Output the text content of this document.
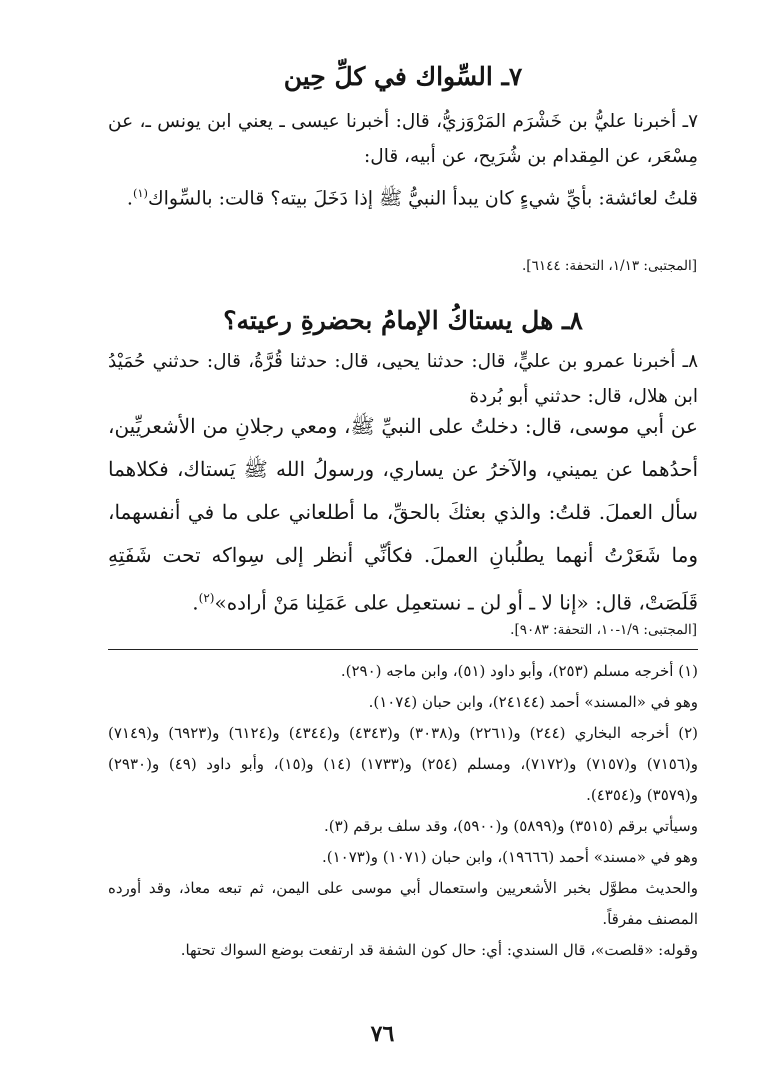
٧ـ السِّواك في كلِّ حِين

٧ـ أخبرنا عليُّ بن خَشْرَم المَرْوَزيُّ، قال: أخبرنا عيسى ـ يعني ابن يونس ـ، عن مِسْعَر، عن المِقدام بن شُرَيح، عن أبيه، قال:

قلتُ لعائشة: بأيِّ شيءٍ كان يبدأ النبيُّ ﷺ إذا دَخَلَ بيته؟ قالت: بالسِّواك$^{(١)}$.

[المجتبى: ١/١٣، التحفة: ٦١٤٤].
٨ـ هل يستاكُ الإمامُ بحضرةِ رعيته؟

٨ـ أخبرنا عمرو بن عليٍّ، قال: حدثنا يحيى، قال: حدثنا قُرَّةُ، قال: حدثني حُمَيْدُ ابن هلال، قال: حدثني أبو بُردة

عن أبي موسى، قال: دخلتُ على النبيِّ ﷺ، ومعي رجلانِ من الأشعريِّين، أحدُهما عن يميني، والآخرُ عن يساري، ورسولُ الله ﷺ يَستاك، فكلاهما سأل العملَ. قلتُ: والذي بعثكَ بالحقِّ، ما أطلعاني على ما في أنفسهما، وما شَعَرْتُ أنهما يطلُبانِ العملَ. فكأنِّي أنظر إلى سِواكه تحت شَفَتِهِ قَلَصَتْ، قال: «إنا لا ـ أو لن ـ نستعمِل على عَمَلِنا مَنْ أراده»$^{(٢)}$.

[المجتبى: ١/٩-١٠، التحفة: ٩٠٨٣].

(١) أخرجه مسلم (٢٥٣)، وأبو داود (٥١)، وابن ماجه (٢٩٠).

وهو في «المسند» أحمد (٢٤١٤٤)، وابن حبان (١٠٧٤).

(٢) أخرجه البخاري (٢٤٤) و(٢٢٦١) و(٣٠٣٨) و(٤٣٤٣) و(٤٣٤٤) و(٦١٢٤) و(٦٩٢٣) و(٧١٤٩) و(٧١٥٦) و(٧١٥٧) و(٧١٧٢)، ومسلم (٢٥٤) و(١٧٣٣) (١٤) و(١٥)، وأبو داود (٤٩) و(٢٩٣٠) و(٣٥٧٩) و(٤٣٥٤).

وسيأتي برقم (٣٥١٥) و(٥٨٩٩) و(٥٩٠٠)، وقد سلف برقم (٣).

وهو في «مسند» أحمد (١٩٦٦٦)، وابن حبان (١٠٧١) و(١٠٧٣).

والحديث مطوَّل بخبر الأشعريين واستعمال أبي موسى على اليمن، ثم تبعه معاذ، وقد أورده المصنف مفرقاً.

وقوله: «قلصت»، قال السندي: أي: حال كون الشفة قد ارتفعت بوضع السواك تحتها.

٧٦
